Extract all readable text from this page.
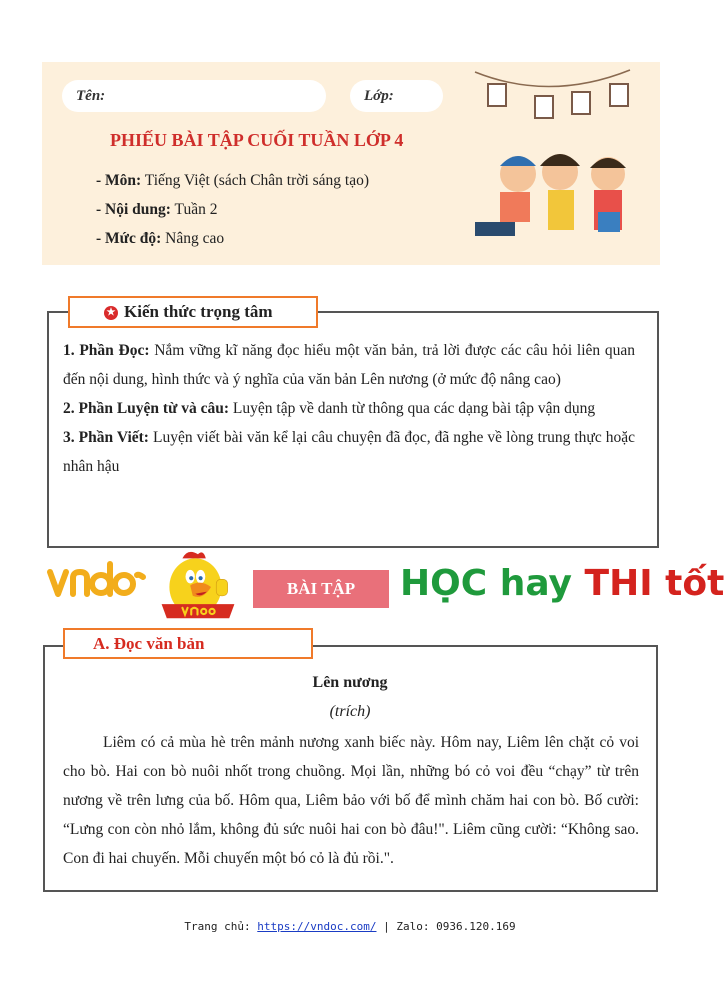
Tên:	Lớp:
PHIẾU BÀI TẬP CUỐI TUẦN LỚP 4
- Môn: Tiếng Việt (sách Chân trời sáng tạo)
- Nội dung: Tuần 2
- Mức độ: Nâng cao
★ Kiến thức trọng tâm
1. Phần Đọc: Nắm vững kĩ năng đọc hiểu một văn bản, trả lời được các câu hỏi liên quan đến nội dung, hình thức và ý nghĩa của văn bản Lên nương (ở mức độ nâng cao)
2. Phần Luyện từ và câu: Luyện tập về danh từ thông qua các dạng bài tập vận dụng
3. Phần Viết: Luyện viết bài văn kể lại câu chuyện đã đọc, đã nghe về lòng trung thực hoặc nhân hậu
BÀI TẬP	HỌC hay THI tốt
A. Đọc văn bản
Lên nương
(trích)
Liêm có cả mùa hè trên mảnh nương xanh biếc này. Hôm nay, Liêm lên chặt cỏ voi cho bò. Hai con bò nuôi nhốt trong chuồng. Mọi lần, những bó cỏ voi đều “chạy” từ trên nương về trên lưng của bố. Hôm qua, Liêm bảo với bố để mình chăm hai con bò. Bố cười: “Lưng con còn nhỏ lắm, không đủ sức nuôi hai con bò đâu!". Liêm cũng cười: “Không sao. Con đi hai chuyến. Mỗi chuyến một bó cỏ là đủ rồi.".
Trang chủ: https://vndoc.com/ | Zalo: 0936.120.169
